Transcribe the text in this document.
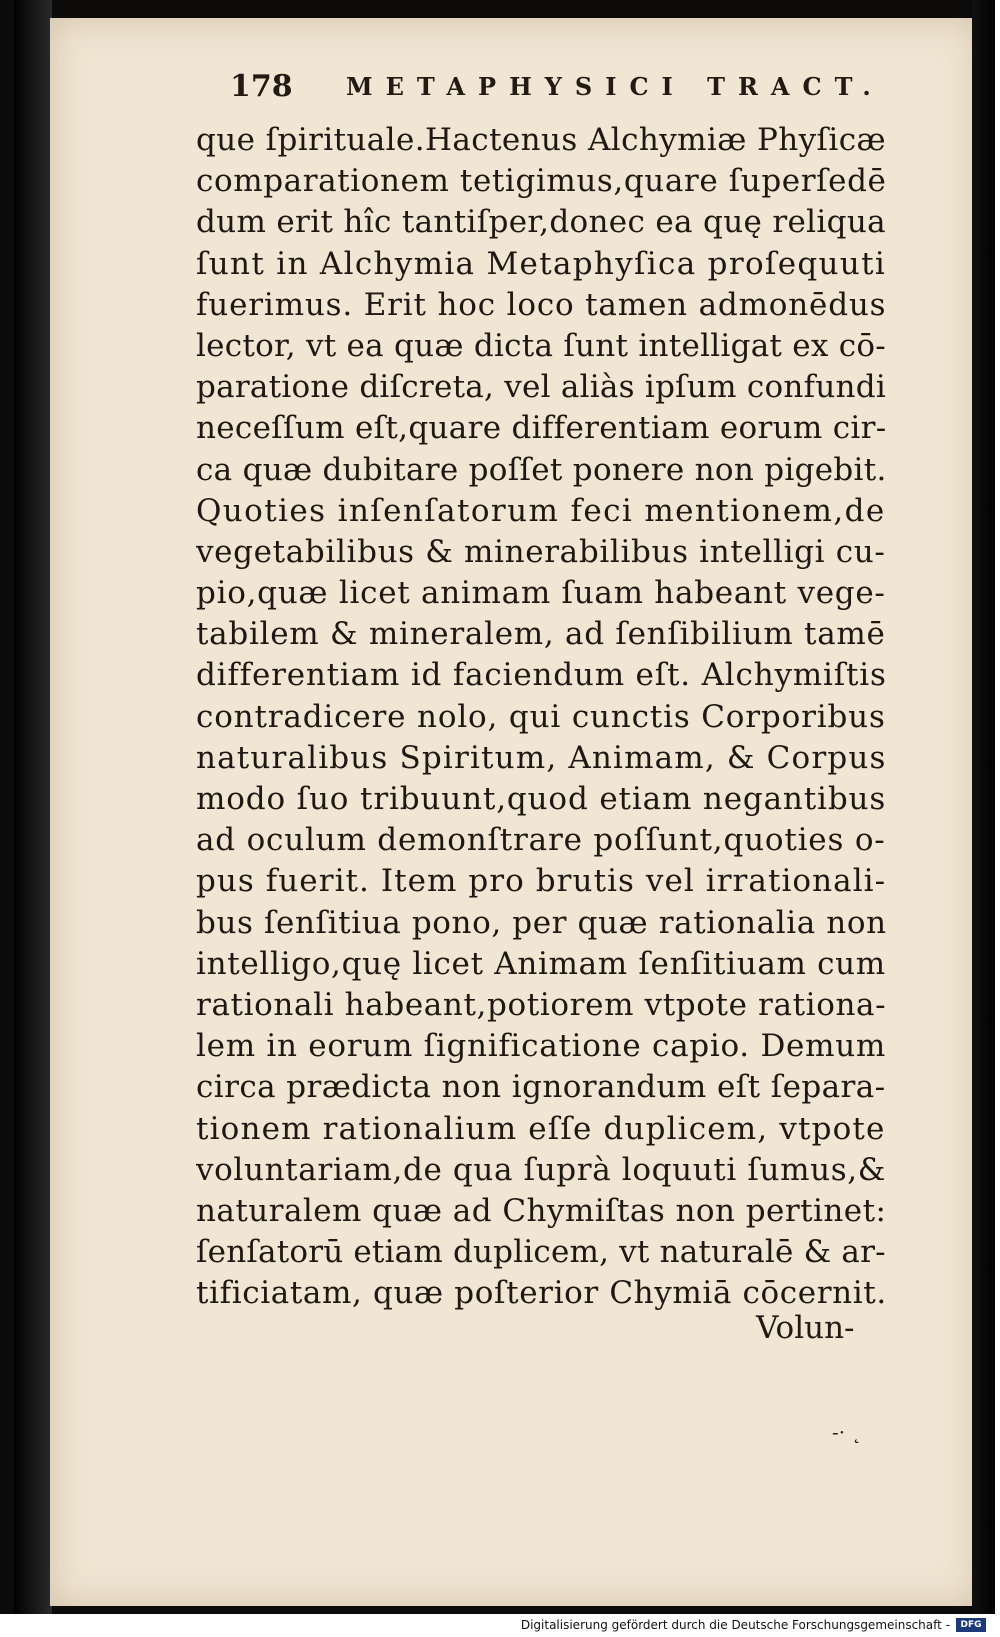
178 METAPHYSICI TRACT.
que ſpirituale.Hactenus Alchymiæ Phyſicæ
comparationem tetigimus,quare ſuperſedē
dum erit hîc tantiſper,donec ea quę reliqua
ſunt in Alchymia Metaphyſica proſequuti
fuerimus. Erit hoc loco tamen admonēdus
lector, vt ea quæ dicta ſunt intelligat ex cō-
paratione diſcreta, vel aliàs ipſum confundi
neceſſum eſt,quare differentiam eorum cir-
ca quæ dubitare poſſet ponere non pigebit.
Quoties inſenſatorum feci mentionem,de
vegetabilibus & minerabilibus intelligi cu-
pio,quæ licet animam ſuam habeant vege-
tabilem & mineralem, ad ſenſibilium tamē
differentiam id faciendum eſt. Alchymiſtis
contradicere nolo, qui cunctis Corporibus
naturalibus Spiritum, Animam, & Corpus
modo ſuo tribuunt,quod etiam negantibus
ad oculum demonſtrare poſſunt,quoties o-
pus fuerit. Item pro brutis vel irrationali-
bus ſenſitiua pono, per quæ rationalia non
intelligo,quę licet Animam ſenſitiuam cum
rationali habeant,potiorem vtpote rationa-
lem in eorum ſignificatione capio. Demum
circa prædicta non ignorandum eſt ſepara-
tionem rationalium eſſe duplicem, vtpote
voluntariam,de qua ſuprà loquuti ſumus,&
naturalem quæ ad Chymiſtas non pertinet:
ſenſatorū etiam duplicem, vt naturalē & ar-
tificiatam, quæ poſterior Chymiā cōcernit.
Volun-
-· ˛
Digitalisierung gefördert durch die Deutsche Forschungsgemeinschaft -	DFG
